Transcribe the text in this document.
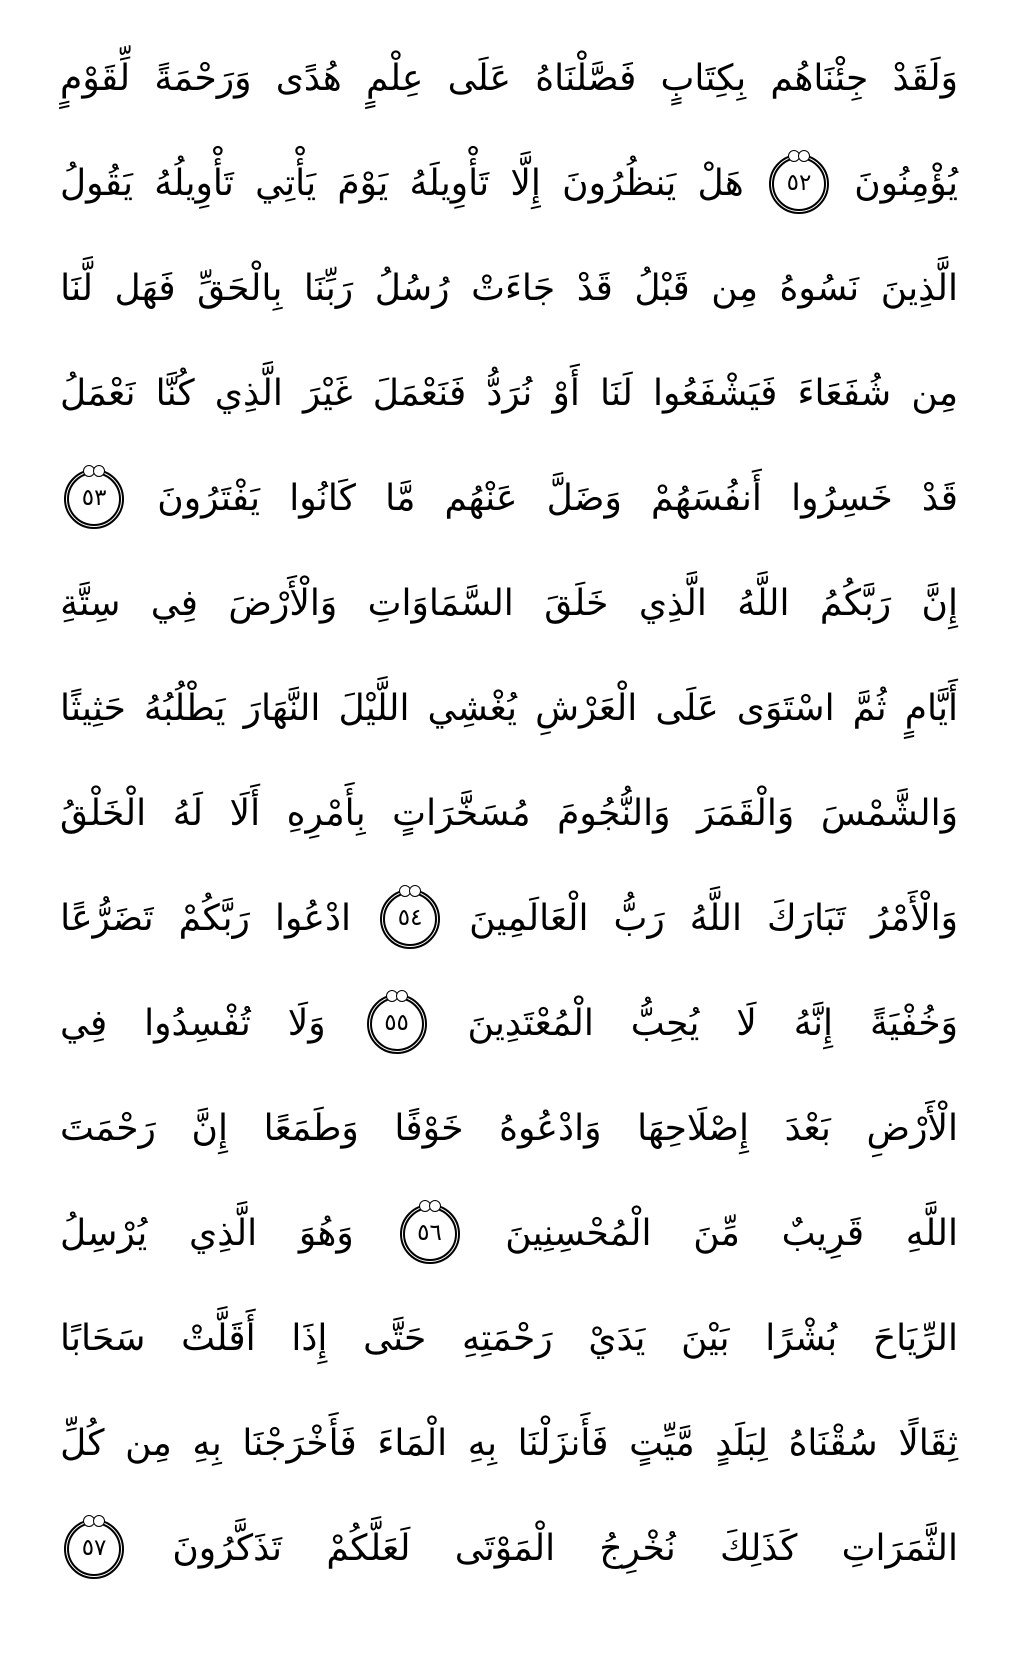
وَلَقَدْ
جِئْنَاهُم
بِكِتَابٍ
فَصَّلْنَاهُ
عَلَى
عِلْمٍ
هُدًى
وَرَحْمَةً
لِّقَوْمٍ
يُؤْمِنُونَ
٥٢
هَلْ
يَنظُرُونَ
إِلَّا
تَأْوِيلَهُ
يَوْمَ
يَأْتِي
تَأْوِيلُهُ
يَقُولُ
الَّذِينَ
نَسُوهُ
مِن
قَبْلُ
قَدْ
جَاءَتْ
رُسُلُ
رَبِّنَا
بِالْحَقِّ
فَهَل
لَّنَا
مِن
شُفَعَاءَ
فَيَشْفَعُوا
لَنَا
أَوْ
نُرَدُّ
فَنَعْمَلَ
غَيْرَ
الَّذِي
كُنَّا
نَعْمَلُ
قَدْ
خَسِرُوا
أَنفُسَهُمْ
وَضَلَّ
عَنْهُم
مَّا
كَانُوا
يَفْتَرُونَ
٥٣
إِنَّ
رَبَّكُمُ
اللَّهُ
الَّذِي
خَلَقَ
السَّمَاوَاتِ
وَالْأَرْضَ
فِي
سِتَّةِ
أَيَّامٍ
ثُمَّ
اسْتَوَى
عَلَى
الْعَرْشِ
يُغْشِي
اللَّيْلَ
النَّهَارَ
يَطْلُبُهُ
حَثِيثًا
وَالشَّمْسَ
وَالْقَمَرَ
وَالنُّجُومَ
مُسَخَّرَاتٍ
بِأَمْرِهِ
أَلَا
لَهُ
الْخَلْقُ
وَالْأَمْرُ
تَبَارَكَ
اللَّهُ
رَبُّ
الْعَالَمِينَ
٥٤
ادْعُوا
رَبَّكُمْ
تَضَرُّعًا
وَخُفْيَةً
إِنَّهُ
لَا
يُحِبُّ
الْمُعْتَدِينَ
٥٥
وَلَا
تُفْسِدُوا
فِي
الْأَرْضِ
بَعْدَ
إِصْلَاحِهَا
وَادْعُوهُ
خَوْفًا
وَطَمَعًا
إِنَّ
رَحْمَتَ
اللَّهِ
قَرِيبٌ
مِّنَ
الْمُحْسِنِينَ
٥٦
وَهُوَ
الَّذِي
يُرْسِلُ
الرِّيَاحَ
بُشْرًا
بَيْنَ
يَدَيْ
رَحْمَتِهِ
حَتَّى
إِذَا
أَقَلَّتْ
سَحَابًا
ثِقَالًا
سُقْنَاهُ
لِبَلَدٍ
مَّيِّتٍ
فَأَنزَلْنَا
بِهِ
الْمَاءَ
فَأَخْرَجْنَا
بِهِ
مِن
كُلِّ
الثَّمَرَاتِ
كَذَلِكَ
نُخْرِجُ
الْمَوْتَى
لَعَلَّكُمْ
تَذَكَّرُونَ
٥٧
